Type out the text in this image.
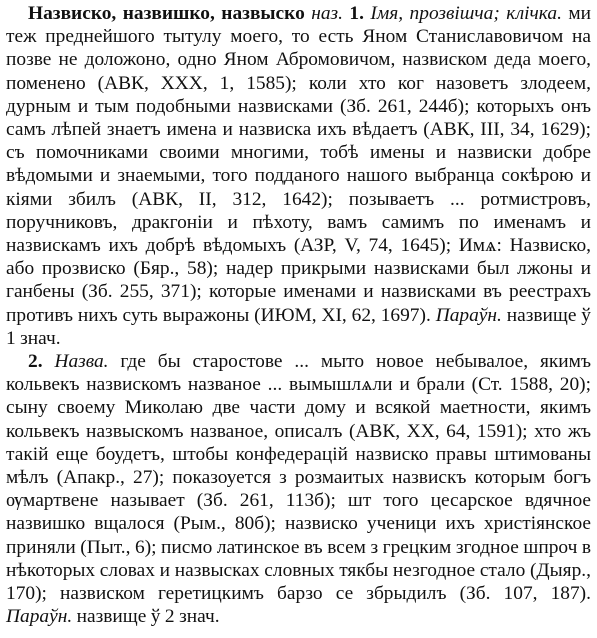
Назвиско, назвишко, назвыско наз. 1. Імя, прозвішча; клічка. ми теж преднейшого тытулу моего, то есть Яном Станиславовичом на позве не доложоно, одно Яном Абромовичом, назвиском деда моего, поменено (АВК, XXX, 1, 1585); коли хто ког назоветъ злодеем, дурным и тым подобными назвисками (Зб. 261, 244б); которыхъ онъ самъ лѣпей знаетъ имена и назвиска ихъ вѣдаетъ (АВК, III, 34, 1629); съ помочниками своими многими, тобѣ имены и назвиски добре вѣдомыми и знаемыми, того подданого нашого выбранца сокѣрою и кіями збилъ (АВК, II, 312, 1642); позываетъ ... ротмистровъ, поручниковъ, дракгоніи и пѣхоту, вамъ самимъ по именамъ и назвискамъ ихъ добрѣ вѣдомыхъ (АЗР, V, 74, 1645); Имѧ: Назвиско, або прозвиско (Бяр., 58); надер прикрыми назвисками был лжоны и ганбены (Зб. 255, 371); которые именами и назвисками въ реестрахъ противъ нихъ суть выражоны (ИЮМ, XI, 62, 1697). Параўн. назвище ў 1 знач.

2. Назва. где бы старостове ... мыто новое небывалое, якимъ кольвекъ назвискомъ названое ... вымышлѧли и брали (Ст. 1588, 20); сыну своему Миколаю две части дому и всякой маетности, якимъ кольвекъ назвыскомъ названое, описалъ (АВК, XX, 64, 1591); хто жъ такій еще боудетъ, штобы конфедерацій назвиско правы штимованы мѣлъ (Апакр., 27); показоуется з розмаитых назвискъ которым богъ ѹмартвене называет (Зб. 261, 113б); шт того цесарское вдячное назвишко вщалося (Рым., 80б); назвиско ученици ихъ христіянское приняли (Пыт., 6); писмо латинское въ всем з грецким згодное шпроч в нѣкоторых словах и назвысках словных тякбы незгодное стало (Дыяр., 170); назвиском геретицкимъ барзо се збрыдилъ (Зб. 107, 187). Параўн. назвище ў 2 знач.
